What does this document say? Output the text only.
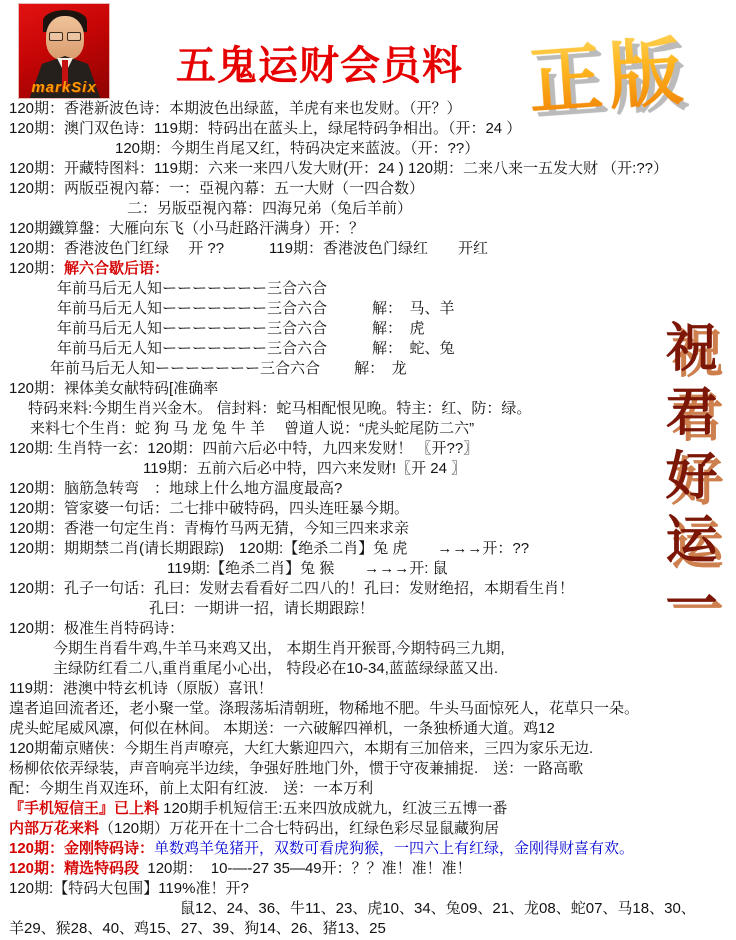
markSix	五鬼运财会员料 正版
祝君好运一
120期：香港新波色诗：本期波色出绿蓝，羊虎有来也发财。（开？）
120期：澳门双色诗：119期：特码出在蓝头上，绿尾特码争相出。（开：24 ）
120期：今期生肖尾又红，特码决定来蓝波。（开：??）
120期：开藏特图料：119期：六来一来四八发大财(开：24 ) 120期：二来八来一五发大财 （开:??）
120期：两版亞視內幕：一：亞視內幕：五一大财（一四合数）
二：另版亞視內幕：四海兄弟（兔后羊前）
120期鐵算盤：大雁向东飞（小马赶路汗满身）开：？
120期：香港波色门红绿　 开 ??　　　119期：香港波色门绿红　　开红
120期：解六合歇后语：
年前马后无人知ーーーーーーー三合六合
年前马后无人知ーーーーーーー三合六合　　　解：　马、羊
年前马后无人知ーーーーーーー三合六合　　　解：　虎
年前马后无人知ーーーーーーー三合六合　　　解：　蛇、兔
年前马后无人知ーーーーーーー三合六合　　 解：　龙
120期：裸体美女献特码[准确率
特码来料:今期生肖兴金木。 信封料：蛇马相配恨见晚。特主：红、防：绿。
来料七个生肖：蛇 狗 马 龙 兔 牛 羊　 曾道人说：“虎头蛇尾防二六”
120期: 生肖特一玄：120期：四前六后必中特，九四来发财！ 〖开??〗
119期：五前六后必中特，四六来发财!〖开 24 〗
120期：脑筋急转弯　：地球上什么地方温度最高?
120期：管家婆一句话：二七排中破特码，四头连旺暴今期。
120期：香港一句定生肖：青梅竹马两无猜，今知三四来求亲
120期：期期禁二肖(请长期跟踪)　120期:【绝杀二肖】兔 虎　　→→→开：??
119期:【绝杀二肖】兔 猴　　→→→开: 鼠
120期：孔子一句话：孔曰：发财去看看好二四八的！孔曰：发财绝招，本期看生肖！
孔曰：一期讲一招，请长期跟踪！
120期：极准生肖特码诗：
今期生肖看牛鸡,牛羊马来鸡又出， 本期生肖开猴哥,今期特码三九期,
主绿防红看二八,重肖重尾小心出， 特段必在10-34,蓝蓝绿绿蓝又出.
119期：港澳中特玄机诗（原版）喜讯！
遑者追回流者还，老小聚一堂。涤瑕荡垢清朝班，物稀地不肥。牛头马面惊死人，花草只一朵。
虎头蛇尾威风凛，何似在林间。 本期送：一六破解四禅机，一条独桥通大道。鸡12
120期葡京赌侠：今期生肖声嘹亮，大红大紫迎四六，本期有三加倍来，三四为家乐无边.
杨柳依依弄绿装，声音响亮半边续，争强好胜地门外，惯于守夜兼捕捉.　送：一路高歌
配：今期生肖双连环，前上太阳有红波.　送：一本万利
『手机短信王』已上料 120期手机短信王:五来四放成就九，红波三五博一番
内部万花来料（120期）万花开在十二合七特码出，红绿色彩尽显鼠藏狗居
120期：金刚特码诗：单数鸡羊兔猪开，双数可看虎狗猴，一四六上有红绿，金刚得财喜有欢。
120期：精选特码段  120期：  10-—-27 35—49开：？？准！准！准！
120期:【特码大包围】119%准！开?
鼠12、24、36、牛11、23、虎10、34、兔09、21、龙08、蛇07、马18、30、
羊29、猴28、40、鸡15、27、39、狗14、26、猪13、25
